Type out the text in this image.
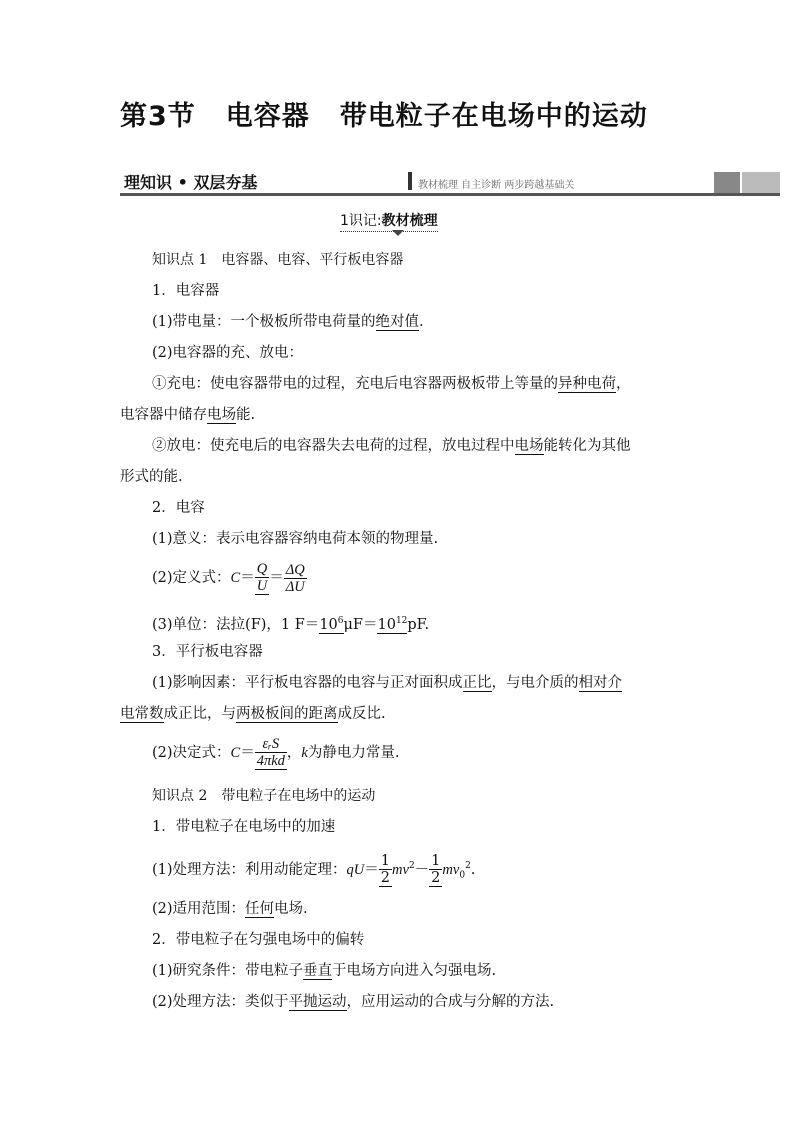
第3节 电容器 带电粒子在电场中的运动
理知识 • 双层夯基	教材梳理 自主诊断 两步跨越基础关
1识记:教材梳理
知识点 1　电容器、电容、平行板电容器
1．电容器
(1)带电量：一个极板所带电荷量的绝对值.
(2)电容器的充、放电：
①充电：使电容器带电的过程，充电后电容器两极板带上等量的异种电荷，
电容器中储存电场能.
②放电：使充电后的电容器失去电荷的过程，放电过程中电场能转化为其他
形式的能.
2．电容
(1)意义：表示电容器容纳电荷本领的物理量.
(2)定义式：$C= \frac{Q}{U} = \frac{\Delta Q}{\Delta U}$
(3)单位：法拉(F)，1 $F=10^6\mu F=10^{12}pF$.
3．平行板电容器
(1)影响因素：平行板电容器的电容与正对面积成正比，与电介质的相对介
电常数成正比，与两极板间的距离成反比.
(2)决定式：$C= \frac{\text{εᵣS}}{\text{4πkd}}$ ，k为静电力常量.
知识点 2　带电粒子在电场中的运动
1．带电粒子在电场中的加速
(1)处理方法：利用动能定理：$qU= \frac{1}{2} mv^2- \frac{1}{2} mv_0^2$.
(2)适用范围：任何电场.
2．带电粒子在匀强电场中的偏转
(1)研究条件：带电粒子垂直于电场方向进入匀强电场.
(2)处理方法：类似于平抛运动，应用运动的合成与分解的方法.
